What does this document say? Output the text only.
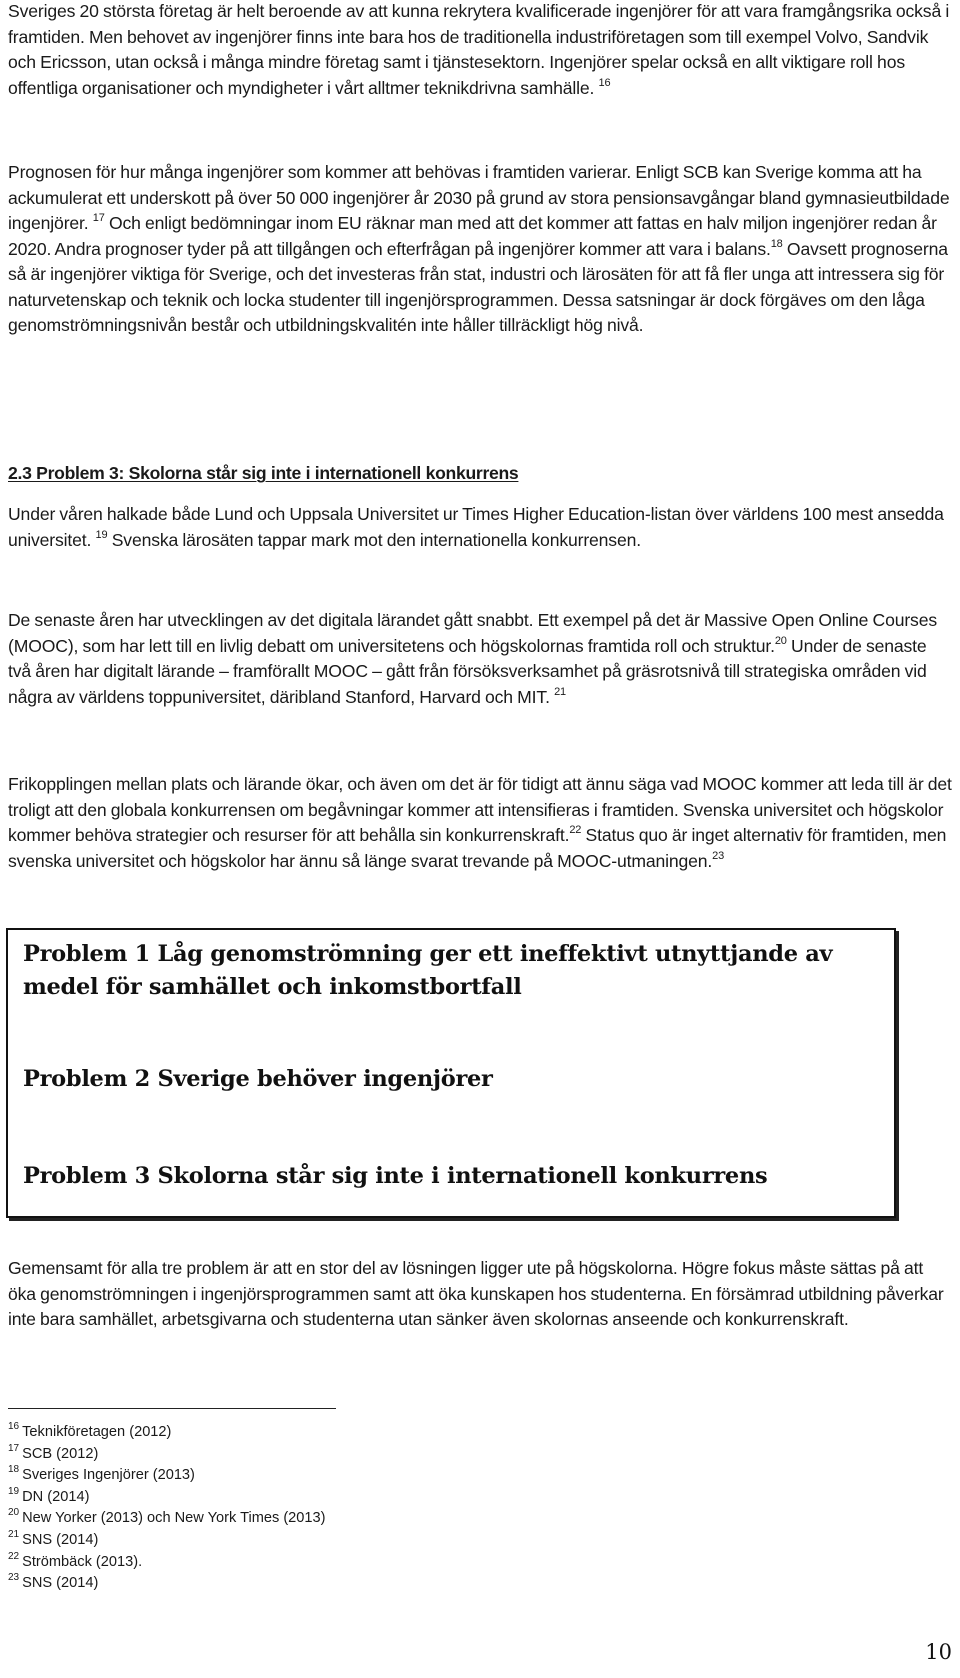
Sveriges 20 största företag är helt beroende av att kunna rekrytera kvalificerade ingenjörer för att vara framgångsrika också i framtiden. Men behovet av ingenjörer finns inte bara hos de traditionella industriföretagen som till exempel Volvo, Sandvik och Ericsson, utan också i många mindre företag samt i tjänstesektorn. Ingenjörer spelar också en allt viktigare roll hos offentliga organisationer och myndigheter i vårt alltmer teknikdrivna samhälle. $^{16}$

Prognosen för hur många ingenjörer som kommer att behövas i framtiden varierar. Enligt SCB kan Sverige komma att ha ackumulerat ett underskott på över 50 000 ingenjörer år 2030 på grund av stora pensionsavgångar bland gymnasieutbildade ingenjörer. $^{17}$ Och enligt bedömningar inom EU räknar man med att det kommer att fattas en halv miljon ingenjörer redan år 2020. Andra prognoser tyder på att tillgången och efterfrågan på ingenjörer kommer att vara i balans.$^{18}$ Oavsett prognoserna så är ingenjörer viktiga för Sverige, och det investeras från stat, industri och lärosäten för att få fler unga att intressera sig för naturvetenskap och teknik och locka studenter till ingenjörsprogrammen. Dessa satsningar är dock förgäves om den låga genomströmningsnivån består och utbildningskvalitén inte håller tillräckligt hög nivå.

2.3 Problem 3: Skolorna står sig inte i internationell konkurrens

Under våren halkade både Lund och Uppsala Universitet ur Times Higher Education-listan över världens 100 mest ansedda universitet. $^{19}$ Svenska lärosäten tappar mark mot den internationella konkurrensen.

De senaste åren har utvecklingen av det digitala lärandet gått snabbt. Ett exempel på det är Massive Open Online Courses (MOOC), som har lett till en livlig debatt om universitetens och högskolornas framtida roll och struktur.$^{20}$ Under de senaste två åren har digitalt lärande – framförallt MOOC – gått från försöksverksamhet på gräsrotsnivå till strategiska områden vid några av världens toppuniversitet, däribland Stanford, Harvard och MIT. $^{21}$

Frikopplingen mellan plats och lärande ökar, och även om det är för tidigt att ännu säga vad MOOC kommer att leda till är det troligt att den globala konkurrensen om begåvningar kommer att intensifieras i framtiden. Svenska universitet och högskolor kommer behöva strategier och resurser för att behålla sin konkurrenskraft.$^{22}$ Status quo är inget alternativ för framtiden, men svenska universitet och högskolor har ännu så länge svarat trevande på MOOC-utmaningen.$^{23}$

Problem 1 Låg genomströmning ger ett ineffektivt utnyttjande av medel för samhället och inkomstbortfall

Problem 2 Sverige behöver ingenjörer

Problem 3 Skolorna står sig inte i internationell konkurrens

Gemensamt för alla tre problem är att en stor del av lösningen ligger ute på högskolorna. Högre fokus måste sättas på att öka genomströmningen i ingenjörsprogrammen samt att öka kunskapen hos studenterna. En försämrad utbildning påverkar inte bara samhället, arbetsgivarna och studenterna utan sänker även skolornas anseende och konkurrenskraft.

$^{16}$ Teknikföretagen (2012)
$^{17}$ SCB (2012)
$^{18}$ Sveriges Ingenjörer (2013)
$^{19}$ DN (2014)
$^{20}$ New Yorker (2013) och New York Times (2013)
$^{21}$ SNS (2014)
$^{22}$ Strömbäck (2013).
$^{23}$ SNS (2014)
10
